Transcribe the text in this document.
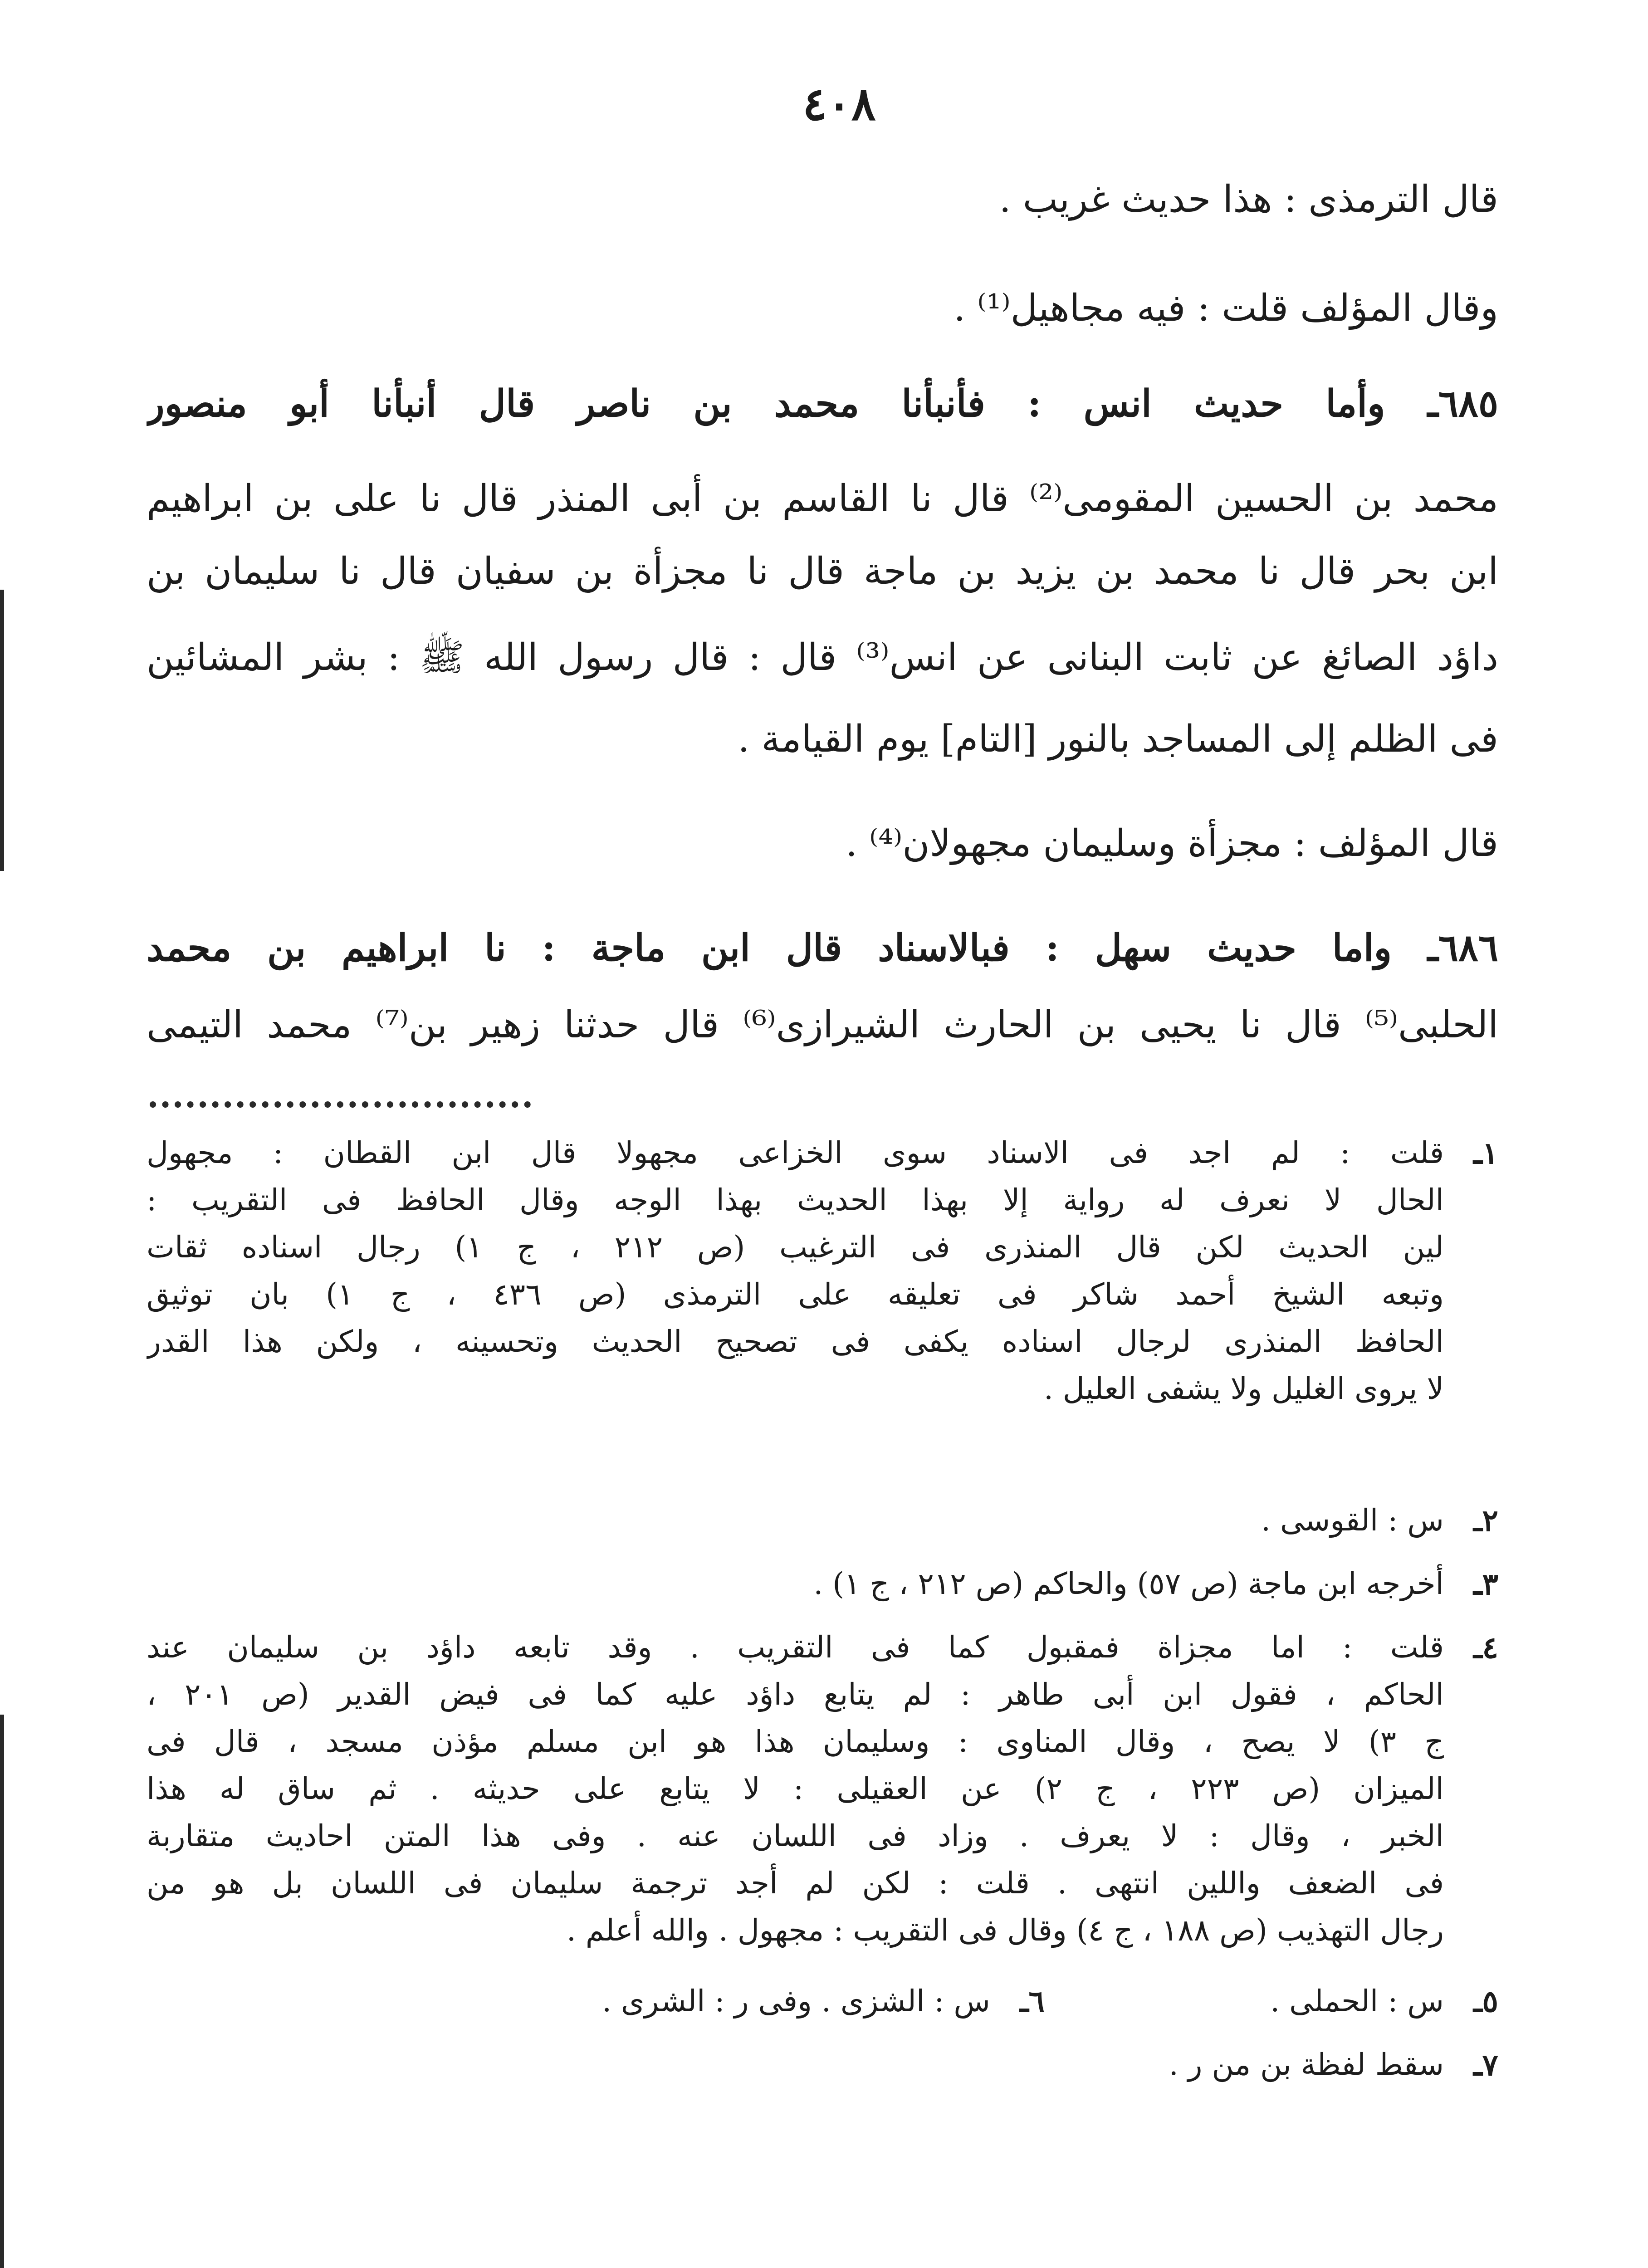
٤٠٨
قال الترمذى : هذا حديث غريب .
وقال المؤلف قلت : فيه مجاهيل⁽¹⁾ .
٦٨٥ـ وأما حديث انس : فأنبأنا محمد بن ناصر قال أنبأنا أبو منصور
محمد بن الحسين المقومى⁽²⁾ قال نا القاسم بن أبى المنذر قال نا على بن ابراهيم
ابن بحر قال نا محمد بن يزيد بن ماجة قال نا مجزأة بن سفيان قال نا سليمان بن
داؤد الصائغ عن ثابت البنانى عن انس⁽³⁾ قال : قال رسول الله ﷺ : بشر المشائين
فى الظلم إلى المساجد بالنور [التام] يوم القيامة .
قال المؤلف : مجزأة وسليمان مجهولان⁽⁴⁾ .
٦٨٦ـ واما حديث سهل : فبالاسناد قال ابن ماجة : نا ابراهيم بن محمد
الحلبى⁽⁵⁾ قال نا يحيى بن الحارث الشيرازى⁽⁶⁾ قال حدثنا زهير بن⁽⁷⁾ محمد التيمى
١ـ
قلت : لم اجد فى الاسناد سوى الخزاعى مجهولا قال ابن القطان : مجهول
الحال لا نعرف له رواية إلا بهذا الحديث بهذا الوجه وقال الحافظ فى التقريب :
لين الحديث لكن قال المنذرى فى الترغيب (ص ٢١٢ ، ج ١) رجال اسناده ثقات
وتبعه الشيخ أحمد شاكر فى تعليقه على الترمذى (ص ٤٣٦ ، ج ١) بان توثيق
الحافظ المنذرى لرجال اسناده يكفى فى تصحيح الحديث وتحسينه ، ولكن هذا القدر
لا يروى الغليل ولا يشفى العليل .
٢ـ
س : القوسى .
٣ـ
أخرجه ابن ماجة (ص ٥٧) والحاكم (ص ٢١٢ ، ج ١) .
٤ـ
قلت : اما مجزاة فمقبول كما فى التقريب . وقد تابعه داؤد بن سليمان عند
الحاكم ، فقول ابن أبى طاهر : لم يتابع داؤد عليه كما فى فيض القدير (ص ٢٠١ ،
ج ٣) لا يصح ، وقال المناوى : وسليمان هذا هو ابن مسلم مؤذن مسجد ، قال فى
الميزان (ص ٢٢٣ ، ج ٢) عن العقيلى : لا يتابع على حديثه . ثم ساق له هذا
الخبر ، وقال : لا يعرف . وزاد فى اللسان عنه . وفى هذا المتن احاديث متقاربة
فى الضعف واللين انتهى . قلت : لكن لم أجد ترجمة سليمان فى اللسان بل هو من
رجال التهذيب (ص ١٨٨ ، ج ٤) وقال فى التقريب : مجهول . والله أعلم .
٥ـ
س : الحملى .
٦ـ
س : الشزى . وفى ر : الشرى .
٧ـ
سقط لفظة بن من ر .
